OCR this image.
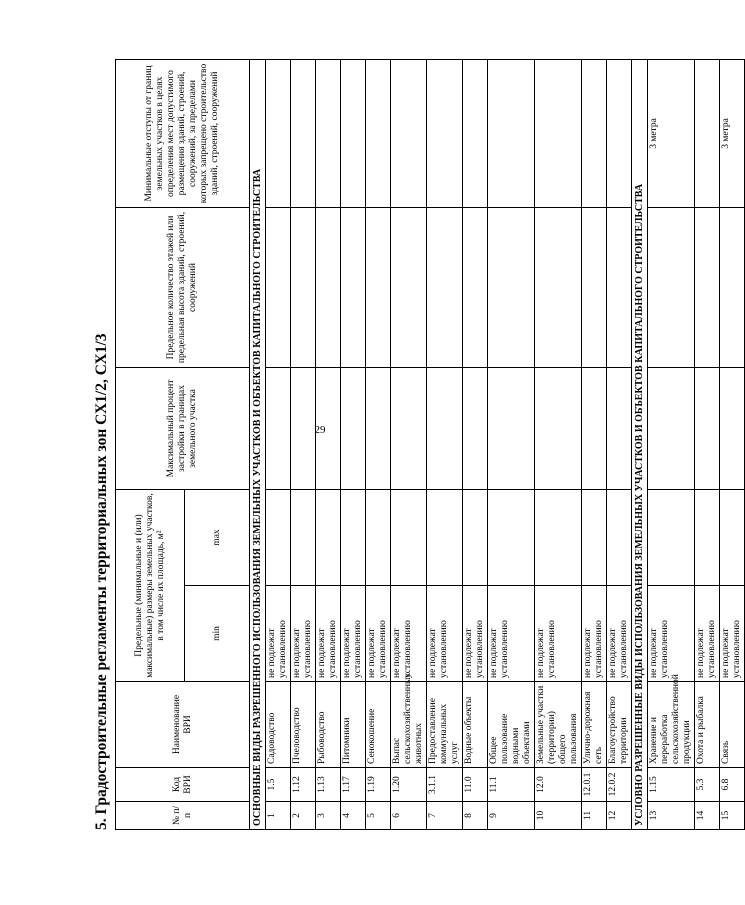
29
5. Градостроительные регламенты территориальных зон СХ1/2, СХ1/3	№ п/п	Код ВРИ	Наименование ВРИ	Предельные (минимальные и (или) максимальные) размеры земельных участков, в том числе их площадь, м²		Максимальный процент застройки в границах земельного участка	Предельное количество этажей или предельная высота зданий, строений, сооружений	Минимальные отступы от границ земельных участков в целях определения мест допустимого размещения зданий, строений, сооружений, за пределами которых запрещено строительство зданий, строений, сооружений
			min	max			
ОСНОВНЫЕ ВИДЫ РАЗРЕШЕННОГО ИСПОЛЬЗОВАНИЯ ЗЕМЕЛЬНЫХ УЧАСТКОВ И ОБЪЕКТОВ КАПИТАЛЬНОГО СТРОИТЕЛЬСТВА							
1	1.5	Садоводство	не подлежат установлению				
2	1.12	Пчеловодство	не подлежат установлению				
3	1.13	Рыбоводство	не подлежат установлению				
4	1.17	Питомники	не подлежат установлению				
5	1.19	Сенокошение	не подлежат установлению				
6	1.20	Выпас сельскохозяйственных животных	не подлежат установлению				
7	3.1.1	Предоставление коммунальных услуг	не подлежат установлению				
8	11.0	Водные объекты	не подлежат установлению				
9	11.1	Общее пользование водными объектами	не подлежат установлению				
10	12.0	Земельные участки (территории) общего пользования	не подлежат установлению				
11	12.0.1	Улично-дорожная сеть	не подлежат установлению				
12	12.0.2	Благоустройство территории	не подлежат установлению				
УСЛОВНО РАЗРЕШЕННЫЕ ВИДЫ ИСПОЛЬЗОВАНИЯ ЗЕМЕЛЬНЫХ УЧАСТКОВ И ОБЪЕКТОВ КАПИТАЛЬНОГО СТРОИТЕЛЬСТВА							
13	1.15	Хранение и переработка сельскохозяйственной продукции	не подлежат установлению				3 метра
14	5.3	Охота и рыбалка	не подлежат установлению				
15	6.8	Связь	не подлежат установлению				3 метра
